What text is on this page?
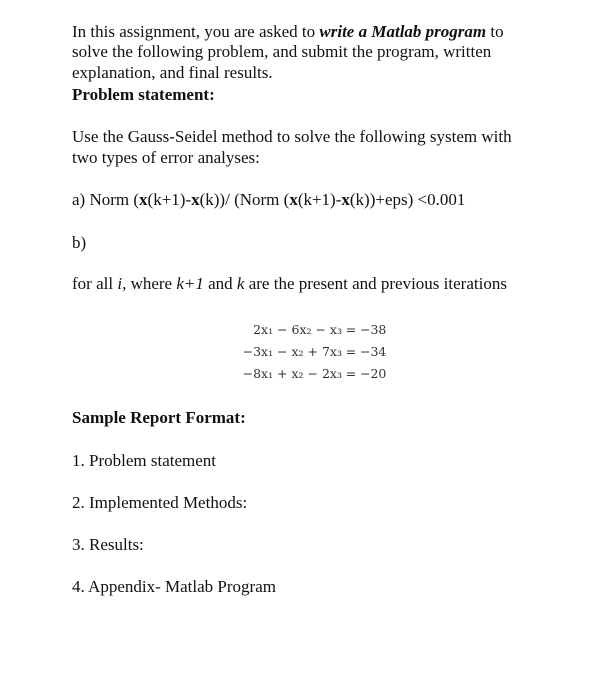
In this assignment, you are asked to write a Matlab program to
solve the following problem, and submit the program, written
explanation, and final results.
Problem statement:
Use the Gauss-Seidel method to solve the following system with
two types of error analyses:
a) Norm (x(k+1)-x(k))/ (Norm (x(k+1)-x(k))+eps) <0.001
b)
for all i, where k+1 and k are the present and previous iterations
2x₁ − 6x₂ − x₃ = −38
−3x₁ − x₂ + 7x₃ = −34
−8x₁ + x₂ − 2x₃ = −20
Sample Report Format:
1. Problem statement
2. Implemented Methods:
3. Results:
4. Appendix- Matlab Program
